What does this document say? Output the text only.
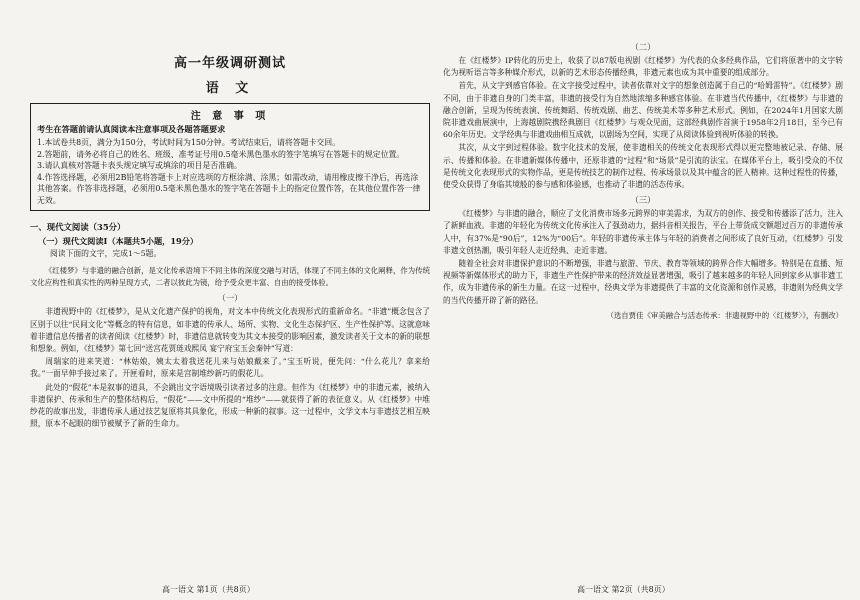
高一年级调研测试
语 文
注 意 事 项
考生在答题前请认真阅读本注意事项及各题答题要求
1.本试卷共8页，满分为150分，考试时间为150分钟。考试结束后，请将答题卡交回。
2.答题前，请务必将自己的姓名、班级、准考证号用0.5毫米黑色墨水的签字笔填写在答题卡的规定位置。
3.请认真核对答题卡表头规定填写或填涂的项目是否准确。
4.作答选择题，必须用2B铅笔将答题卡上对应选项的方框涂满、涂黑；如需改动，请用橡皮擦干净后，再选涂其他答案。作答非选择题，必须用0.5毫米黑色墨水的签字笔在答题卡上的指定位置作答，在其他位置作答一律无效。
一、现代文阅读（35分）
（一）现代文阅读Ⅰ（本题共5小题，19分）
阅读下面的文字，完成1～5题。

《红楼梦》与非遗的融合创新，是文化传承语境下不同主体的深度交融与对话，体现了不同主体的文化阐释，作为传统文化应构性和真实性的两种呈现方式，二者以彼此为镜，给予受众更丰富、自由的接受体验。

（一）

非遗视野中的《红楼梦》，是从文化遗产保护的视角，对文本中传统文化表现形式的重新命名。“非遗”概念包含了区别于以往“民间文化”等概念的特有信息，如非遗的传承人、场所、实物、文化生态保护区、生产性保护等。这就意味着非遗信息传播者的读者阅读《红楼梦》时，非遗信息就转变为其文本接受的影响因素，激发读者关于文本的新的联想和想象。例如，《红楼梦》第七回“送宫花贾琏戏熙凤 宴宁府宝玉会秦钟”写道：

周瑞家的进来笑道：“林姑娘，姨太太着我送花儿来与姑娘戴来了。”宝玉听说，便先问：“什么花儿？拿来给我。”一面早伸手接过来了。开匣看时，原来是宫制堆纱新巧的假花儿。

此处的“假花”本是叙事的道具，不会跳出文字语境吸引读者过多的注意。但作为《红楼梦》中的非遗元素，被纳入非遗保护、传承和生产的整体结构后，“假花”——文中所提的“堆纱”——就获得了新的表征意义。从《红楼梦》中堆纱花的故事出发，非遗传承人通过技艺复原将其具象化，形成一种新的叙事。这一过程中，文学文本与非遗技艺相互映照，原本不起眼的细节被赋予了新的生命力。

（二）

在《红楼梦》IP转化的历史上，收获了以87版电视剧《红楼梦》为代表的众多经典作品，它们将原著中的文字转化为视听语言等多种媒介形式，以新的艺术形态传播经典，非遗元素也成为其中重要的组成部分。

首先，从文字到感官体验。在文字接受过程中，读者依靠对文字的想象创造属于自己的“哈姆雷特”。《红楼梦》剧不同，由于非遗自身的门类丰富，非遗的接受行为自然地浓缩多种感官体验。在非遗当代传播中，《红楼梦》与非遗的融合创新，呈现为传统表演、传统舞蹈、传统戏剧、曲艺、传统美术等多种艺术形式。例如，在2024年1月国家大剧院非遗戏曲展演中，上海越剧院携经典剧目《红楼梦》与观众见面，这部经典剧作首演于1958年2月18日，至今已有60余年历史。文学经典与非遗戏曲相互成就，以剧场为空间，实现了从阅读体验到视听体验的转换。

其次，从文字到过程体验。数字化技术的发展，使非遗相关的传统文化表现形式得以更完整地被记录、存储、展示、传播和体验。在非遗新媒体传播中，还原非遗的“过程”和“场景”是引流的法宝。在媒体平台上，吸引受众的不仅是传统文化表现形式的实物作品，更是传统技艺的制作过程、传承场景以及其中蕴含的匠人精神。这种过程性的传播，使受众获得了身临其境般的参与感和体验感，也推动了非遗的活态传承。

（三）

《红楼梦》与非遗的融合，顺应了文化消费市场多元跨界的审美需求，为双方的创作、接受和传播添了活力，注入了新鲜血液。非遗的年轻化为传统文化传承注入了强劲动力，据抖音相关报告，平台上带货成交额超过百万的非遗传承人中，有37%是“90后”，12%为“00后”。年轻的非遗传承主体与年轻的消费者之间形成了良好互动，《红楼梦》引发非遗文创热潮，吸引年轻人走近经典、走近非遗。

随着全社会对非遗保护意识的不断增强，非遗与旅游、节庆、教育等领域的跨界合作大幅增多。特别是在直播、短视频等新媒体形式的助力下，非遗生产性保护带来的经济效益显著增强，吸引了越来越多的年轻人回到家乡从事非遗工作，成为非遗传承的新生力量。在这一过程中，经典文学为非遗提供了丰富的文化资源和创作灵感，非遗则为经典文学的当代传播开辟了新的路径。

（选自贾佳《审美融合与活态传承：非遗视野中的〈红楼梦〉》，有删改）
高一语文 第1页（共8页）	高一语文 第2页（共8页）
